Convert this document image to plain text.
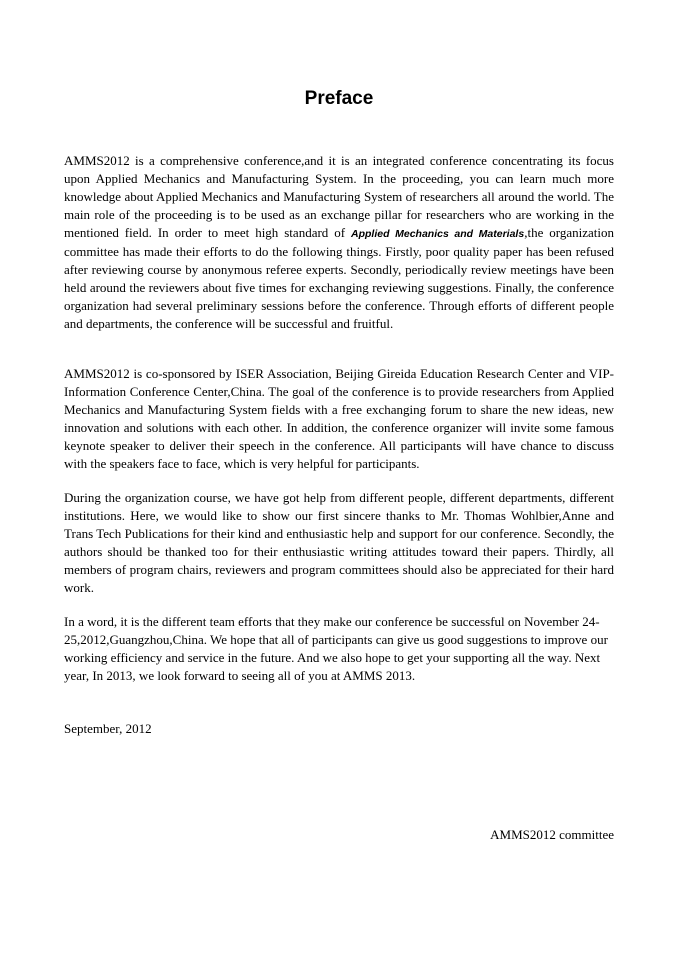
Preface

AMMS2012 is a comprehensive conference,and it is an integrated conference concentrating its focus upon Applied Mechanics and Manufacturing System. In the proceeding, you can learn much more knowledge about Applied Mechanics and Manufacturing System of researchers all around the world. The main role of the proceeding is to be used as an exchange pillar for researchers who are working in the mentioned field. In order to meet high standard of Applied Mechanics and Materials,the organization committee has made their efforts to do the following things. Firstly, poor quality paper has been refused after reviewing course by anonymous referee experts. Secondly, periodically review meetings have been held around the reviewers about five times for exchanging reviewing suggestions. Finally, the conference organization had several preliminary sessions before the conference. Through efforts of different people and departments, the conference will be successful and fruitful.

AMMS2012 is co-sponsored by ISER Association, Beijing Gireida Education Research Center and VIP-Information Conference Center,China. The goal of the conference is to provide researchers from Applied Mechanics and Manufacturing System fields with a free exchanging forum to share the new ideas, new innovation and solutions with each other. In addition, the conference organizer will invite some famous keynote speaker to deliver their speech in the conference. All participants will have chance to discuss with the speakers face to face, which is very helpful for participants.

During the organization course, we have got help from different people, different departments, different institutions. Here, we would like to show our first sincere thanks to Mr. Thomas Wohlbier,Anne and Trans Tech Publications for their kind and enthusiastic help and support for our conference. Secondly, the authors should be thanked too for their enthusiastic writing attitudes toward their papers. Thirdly, all members of program chairs, reviewers and program committees should also be appreciated for their hard work.

In a word, it is the different team efforts that they make our conference be successful on November 24-25,2012,Guangzhou,China. We hope that all of participants can give us good suggestions to improve our working efficiency and service in the future. And we also hope to get your supporting all the way. Next year, In 2013, we look forward to seeing all of you at AMMS 2013.

September, 2012

AMMS2012 committee
